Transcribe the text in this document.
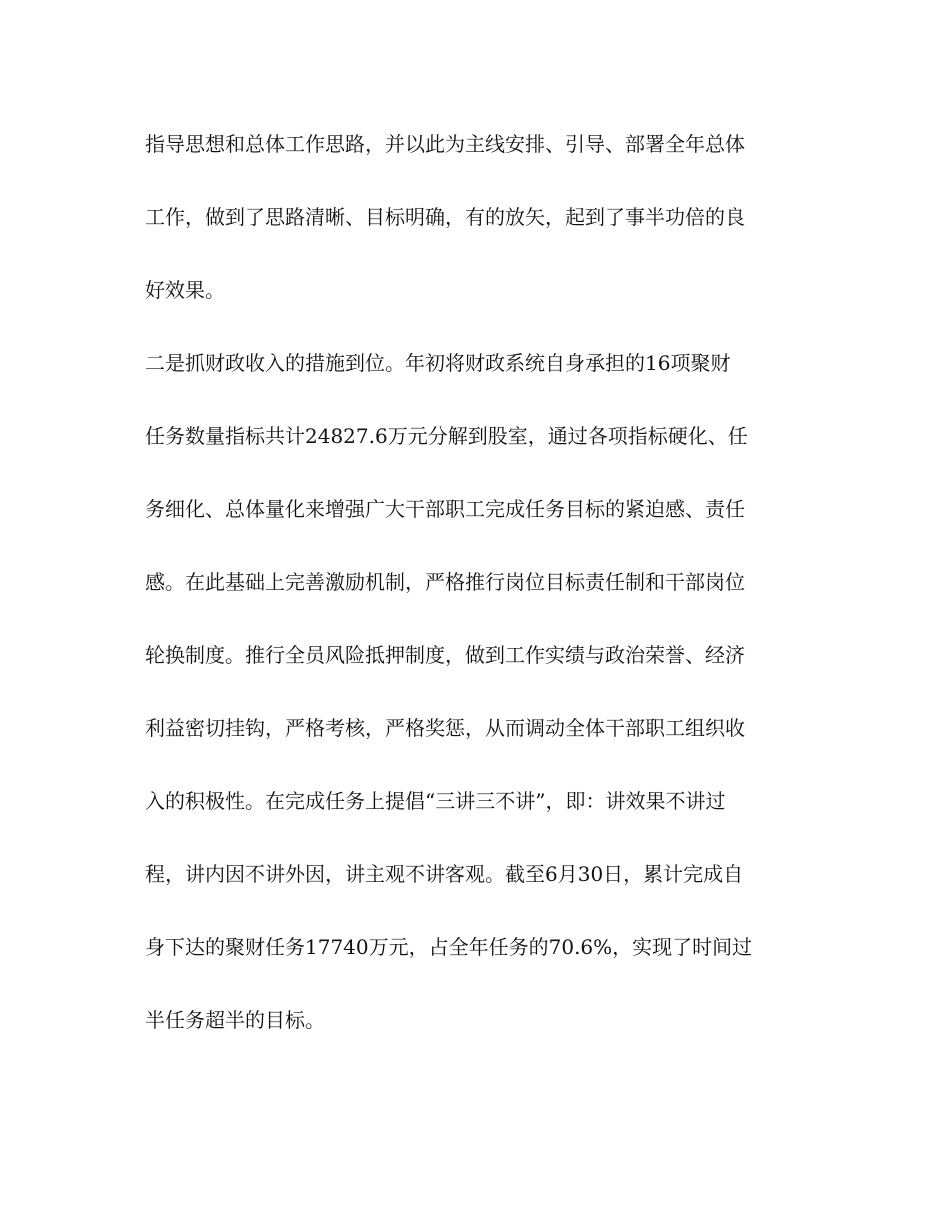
指导思想和总体工作思路，并以此为主线安排、引导、部署全年总体
工作，做到了思路清晰、目标明确，有的放矢，起到了事半功倍的良
好效果。
二是抓财政收入的措施到位。年初将财政系统自身承担的16项聚财
任务数量指标共计24827.6万元分解到股室，通过各项指标硬化、任
务细化、总体量化来增强广大干部职工完成任务目标的紧迫感、责任
感。在此基础上完善激励机制，严格推行岗位目标责任制和干部岗位
轮换制度。推行全员风险抵押制度，做到工作实绩与政治荣誉、经济
利益密切挂钩，严格考核，严格奖惩，从而调动全体干部职工组织收
入的积极性。在完成任务上提倡“三讲三不讲”，即：讲效果不讲过
程，讲内因不讲外因，讲主观不讲客观。截至6月30日，累计完成自
身下达的聚财任务17740万元，占全年任务的70.6%，实现了时间过
半任务超半的目标。
